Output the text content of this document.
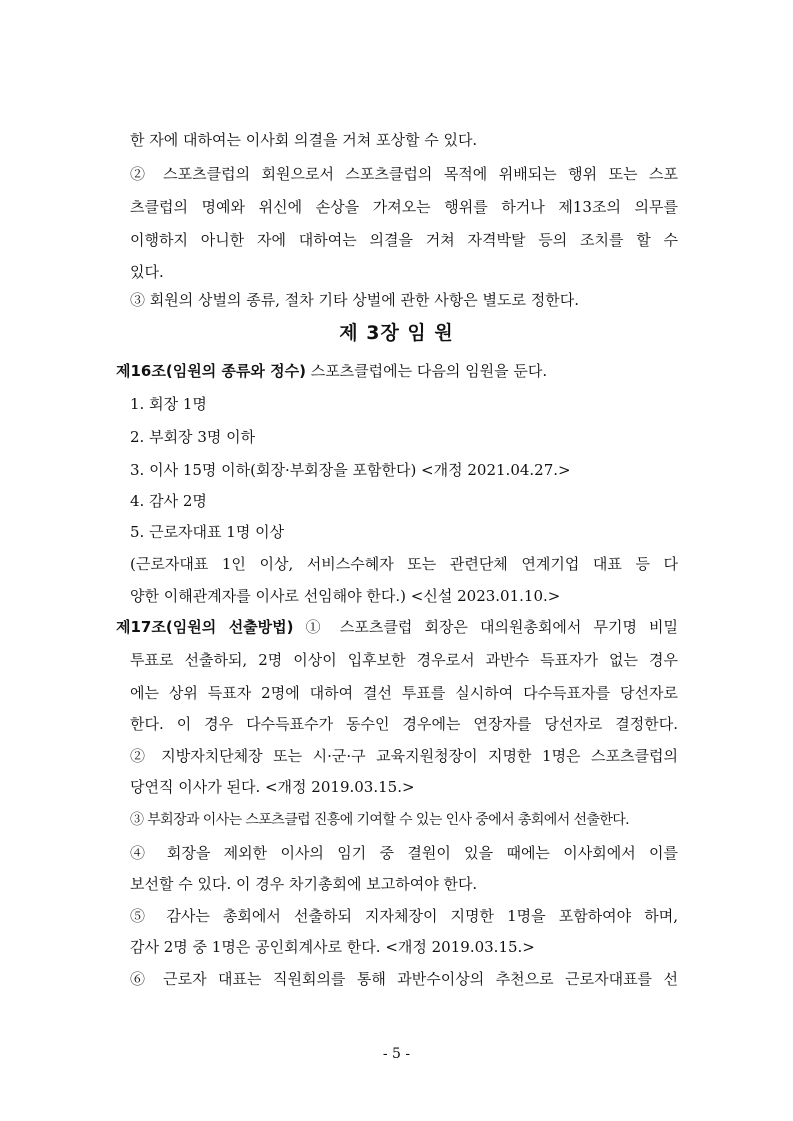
한 자에 대하여는 이사회 의결을 거쳐 포상할 수 있다.
② 스포츠클럽의 회원으로서 스포츠클럽의 목적에 위배되는 행위 또는 스포
츠클럽의 명예와 위신에 손상을 가져오는 행위를 하거나 제13조의 의무를
이행하지 아니한 자에 대하여는 의결을 거쳐 자격박탈 등의 조치를 할 수
있다.
③ 회원의 상벌의 종류, 절차 기타 상벌에 관한 사항은 별도로 정한다.
제 3장 임 원
제16조(임원의 종류와 정수) 스포츠클럽에는 다음의 임원을 둔다.
1. 회장 1명
2. 부회장 3명 이하
3. 이사 15명 이하(회장·부회장을 포함한다) <개정 2021.04.27.>
4. 감사 2명
5. 근로자대표 1명 이상
(근로자대표 1인 이상, 서비스수혜자 또는 관련단체 연계기업 대표 등 다
양한 이해관계자를 이사로 선임해야 한다.) <신설 2023.01.10.>
제17조(임원의 선출방법) ① 스포츠클럽 회장은 대의원총회에서 무기명 비밀
투표로 선출하되, 2명 이상이 입후보한 경우로서 과반수 득표자가 없는 경우
에는 상위 득표자 2명에 대하여 결선 투표를 실시하여 다수득표자를 당선자로
한다. 이 경우 다수득표수가 동수인 경우에는 연장자를 당선자로 결정한다.
② 지방자치단체장 또는 시·군·구 교육지원청장이 지명한 1명은 스포츠클럽의
당연직 이사가 된다. <개정 2019.03.15.>
③ 부회장과 이사는 스포츠클럽 진흥에 기여할 수 있는 인사 중에서 총회에서 선출한다.
④ 회장을 제외한 이사의 임기 중 결원이 있을 때에는 이사회에서 이를
보선할 수 있다. 이 경우 차기총회에 보고하여야 한다.
⑤ 감사는 총회에서 선출하되 지자체장이 지명한 1명을 포함하여야 하며,
감사 2명 중 1명은 공인회계사로 한다. <개정 2019.03.15.>
⑥ 근로자 대표는 직원회의를 통해 과반수이상의 추천으로 근로자대표를 선
- 5 -
